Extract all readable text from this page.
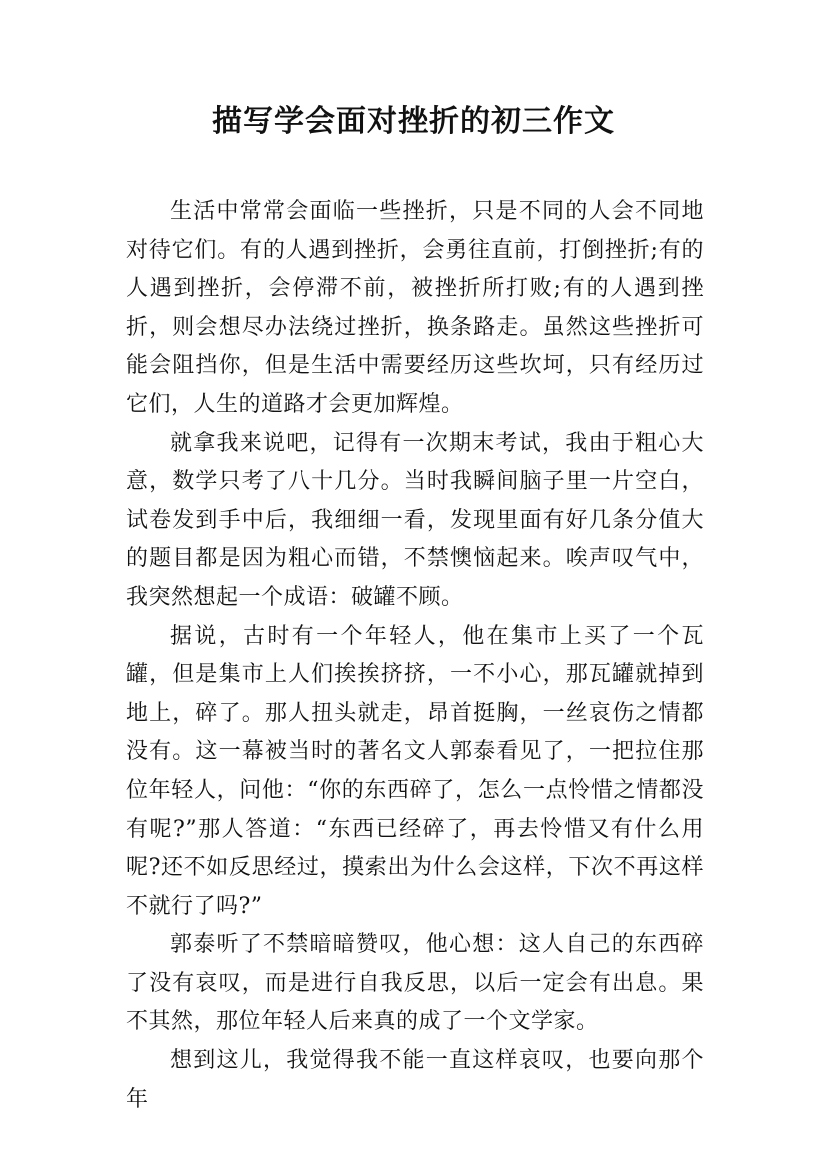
描写学会面对挫折的初三作文

生活中常常会面临一些挫折，只是不同的人会不同地对待它们。有的人遇到挫折，会勇往直前，打倒挫折;有的人遇到挫折，会停滞不前，被挫折所打败;有的人遇到挫折，则会想尽办法绕过挫折，换条路走。虽然这些挫折可能会阻挡你，但是生活中需要经历这些坎坷，只有经历过它们，人生的道路才会更加辉煌。

就拿我来说吧，记得有一次期末考试，我由于粗心大意，数学只考了八十几分。当时我瞬间脑子里一片空白，试卷发到手中后，我细细一看，发现里面有好几条分值大的题目都是因为粗心而错，不禁懊恼起来。唉声叹气中，我突然想起一个成语：破罐不顾。

据说，古时有一个年轻人，他在集市上买了一个瓦罐，但是集市上人们挨挨挤挤，一不小心，那瓦罐就掉到地上，碎了。那人扭头就走，昂首挺胸，一丝哀伤之情都没有。这一幕被当时的著名文人郭泰看见了，一把拉住那位年轻人，问他：“你的东西碎了，怎么一点怜惜之情都没有呢?”那人答道：“东西已经碎了，再去怜惜又有什么用呢?还不如反思经过，摸索出为什么会这样，下次不再这样不就行了吗?”

郭泰听了不禁暗暗赞叹，他心想：这人自己的东西碎了没有哀叹，而是进行自我反思，以后一定会有出息。果不其然，那位年轻人后来真的成了一个文学家。

想到这儿，我觉得我不能一直这样哀叹，也要向那个年
